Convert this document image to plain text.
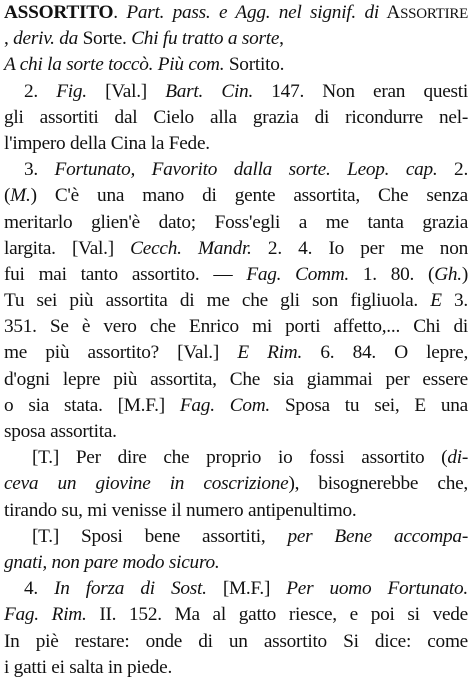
ASSORTITO. Part. pass. e Agg. nel signif. di ASSORTIRE
, deriv. da Sorte. Chi fu tratto a sorte,
A chi la sorte toccò. Più com. Sortito.
2. Fig. [Val.] Bart. Cin. 147. Non eran questi
gli assortiti dal Cielo alla grazia di ricondurre nel-
l'impero della Cina la Fede.
3. Fortunato, Favorito dalla sorte. Leop. cap. 2.
(M.) C'è una mano di gente assortita, Che senza
meritarlo glien'è dato; Foss'egli a me tanta grazia
largita. [Val.] Cecch. Mandr. 2. 4. Io per me non
fui mai tanto assortito. — Fag. Comm. 1. 80. (Gh.)
Tu sei più assortita di me che gli son figliuola. E 3.
351. Se è vero che Enrico mi porti affetto,... Chi di
me più assortito? [Val.] E Rim. 6. 84. O lepre,
d'ogni lepre più assortita, Che sia giammai per essere
o sia stata. [M.F.] Fag. Com. Sposa tu sei, E una
sposa assortita.
[T.] Per dire che proprio io fossi assortito (di-
ceva un giovine in coscrizione), bisognerebbe che,
tirando su, mi venisse il numero antipenultimo.
[T.] Sposi bene assortiti, per Bene accompa-
gnati, non pare modo sicuro.
4. In forza di Sost. [M.F.] Per uomo Fortunato.
Fag. Rim. II. 152. Ma al gatto riesce, e poi si vede
In piè restare: onde di un assortito Si dice: come
i gatti ei salta in piede.
